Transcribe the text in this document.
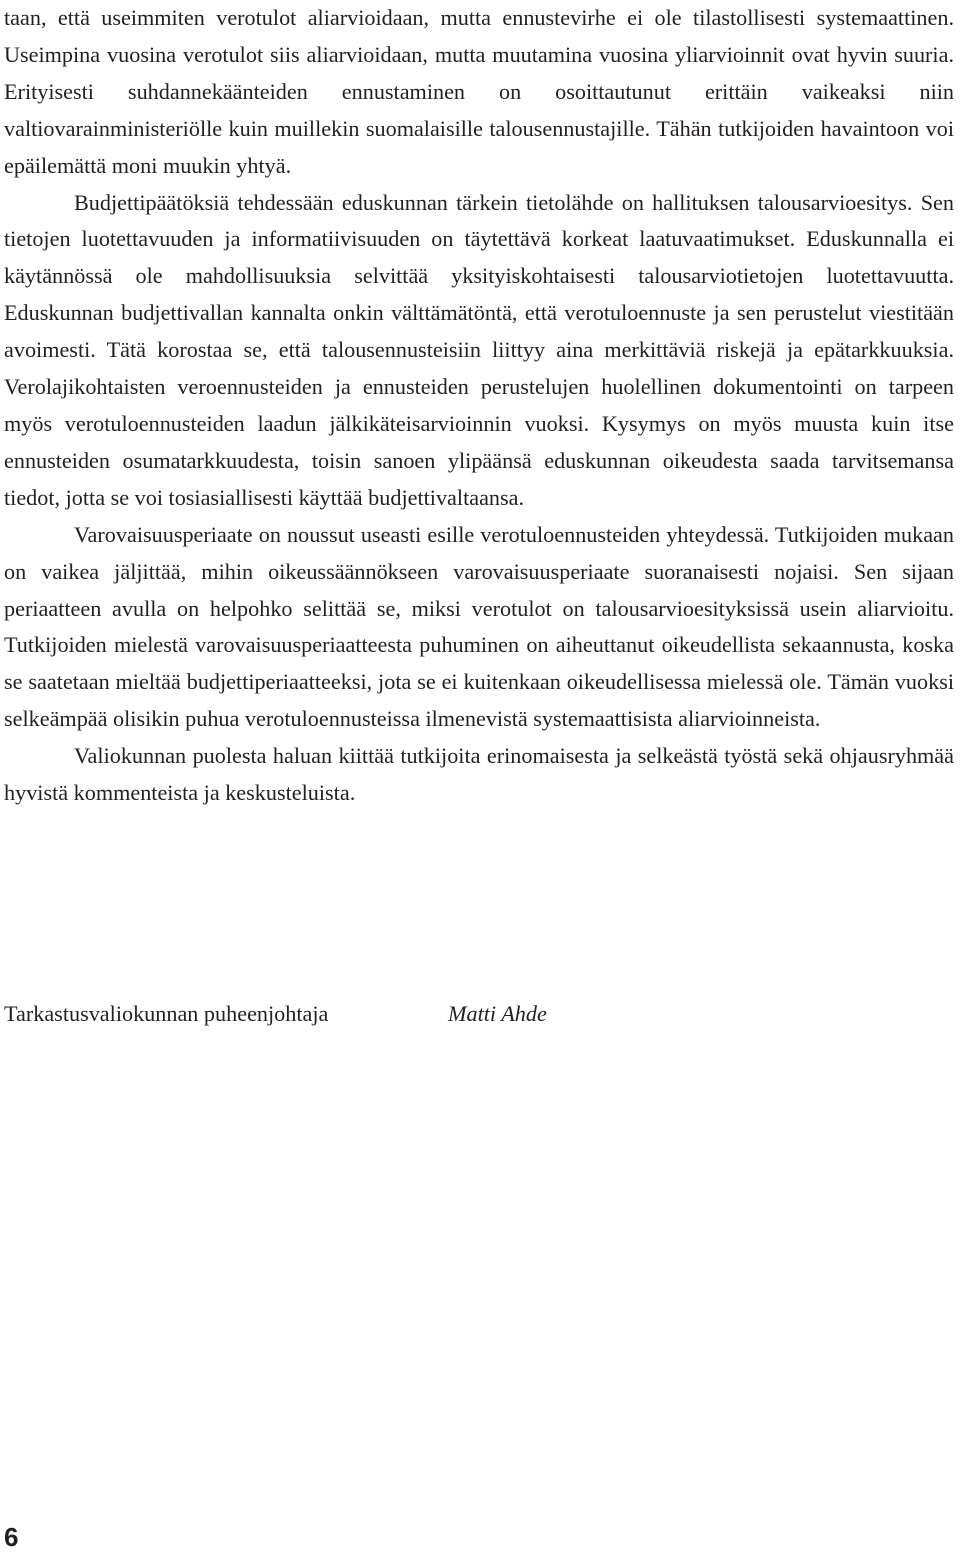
taan, että useimmiten verotulot aliarvioidaan, mutta ennustevirhe ei ole tilastollisesti systemaattinen. Useimpina vuosina verotulot siis aliarvioidaan, mutta muutamina vuosina yliarvioinnit ovat hyvin suuria. Erityisesti suhdannekäänteiden ennustaminen on osoittautunut erittäin vaikeaksi niin valtiovarainministeriölle kuin muillekin suomalaisille talousennustajille. Tähän tutkijoiden havaintoon voi epäilemättä moni muukin yhtyä.

Budjettipäätöksiä tehdessään eduskunnan tärkein tietolähde on hallituksen talousarvioesitys. Sen tietojen luotettavuuden ja informatiivisuuden on täytettävä korkeat laatuvaatimukset. Eduskunnalla ei käytännössä ole mahdollisuuksia selvittää yksityiskohtaisesti talousarviotietojen luotettavuutta. Eduskunnan budjettivallan kannalta onkin välttämätöntä, että verotuloennuste ja sen perustelut viestitään avoimesti. Tätä korostaa se, että talousennusteisiin liittyy aina merkittäviä riskejä ja epätarkkuuksia. Verolajikohtaisten veroennusteiden ja ennusteiden perustelujen huolellinen dokumentointi on tarpeen myös verotuloennusteiden laadun jälkikäteisarvioinnin vuoksi. Kysymys on myös muusta kuin itse ennusteiden osumatarkkuudesta, toisin sanoen ylipäänsä eduskunnan oikeudesta saada tarvitsemansa tiedot, jotta se voi tosiasiallisesti käyttää budjettivaltaansa.

Varovaisuusperiaate on noussut useasti esille verotuloennusteiden yhteydessä. Tutkijoiden mukaan on vaikea jäljittää, mihin oikeussäännökseen varovaisuusperiaate suoranaisesti nojaisi. Sen sijaan periaatteen avulla on helpohko selittää se, miksi verotulot on talousarvioesityksissä usein aliarvioitu. Tutkijoiden mielestä varovaisuusperiaatteesta puhuminen on aiheuttanut oikeudellista sekaannusta, koska se saatetaan mieltää budjettiperiaatteeksi, jota se ei kuitenkaan oikeudellisessa mielessä ole. Tämän vuoksi selkeämpää olisikin puhua verotuloennusteissa ilmenevistä systemaattisista aliarvioinneista.

Valiokunnan puolesta haluan kiittää tutkijoita erinomaisesta ja selkeästä työstä sekä ohjausryhmää hyvistä kommenteista ja keskusteluista.

Tarkastusvaliokunnan puheenjohtaja	Matti Ahde
6
